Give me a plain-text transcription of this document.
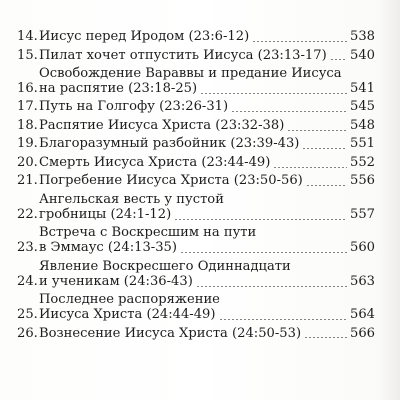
14. Иисус перед Иродом (23:6-12)	538
15. Пилат хочет отпустить Иисуса (23:13-17) 540
16.
Освобождение Вараввы и предание Иисуса
на распятие (23:18-25)	541
17. Путь на Голгофу (23:26-31)	545
18. Распятие Иисуса Христа (23:32-38)	548
19. Благоразумный разбойник (23:39-43)	551
20. Смерть Иисуса Христа (23:44-49)	552
21. Погребение Иисуса Христа (23:50-56)	556
22.
Ангельская весть у пустой
гробницы (24:1-12)	557
23.
Встреча с Воскресшим на пути
в Эммаус (24:13-35)	560
24.
Явление Воскресшего Одиннадцати
и ученикам (24:36-43)	563
25.
Последнее распоряжение
Иисуса Христа (24:44-49)	564
26. Вознесение Иисуса Христа (24:50-53)	566
